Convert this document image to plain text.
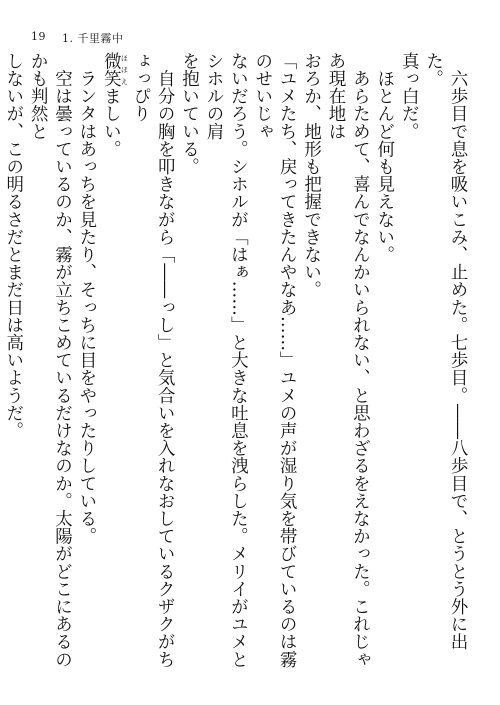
19 1. 千里霧中
　六歩目で息を吸いこみ、止めた。七歩目。――八歩目で、とうとう外に出た。
真っ白だ。
　ほとんど何も見えない。
　あらためて、喜んでなんかいられない、と思わざるをえなかった。これじゃあ現在地は
おろか、地形も把握できない。
「ユメたち、戻ってきたんやなあ……」ユメの声が湿り気を帯びているのは霧のせいじゃ
ないだろう。シホルが「はぁ……」と大きな吐息を洩らした。メリイがユメとシホルの肩
を抱いている。
　自分の胸を叩きながら「――っし」と気合いを入れなおしているクザクがちょっぴり
微笑 ほほえましい。
　ランタはあっちを見たり、そっちに目をやったりしている。
　空は曇っているのか、霧が立ちこめているだけなのか。太陽がどこにあるのかも判然と
しないが、この明るさだとまだ日は高いようだ。
